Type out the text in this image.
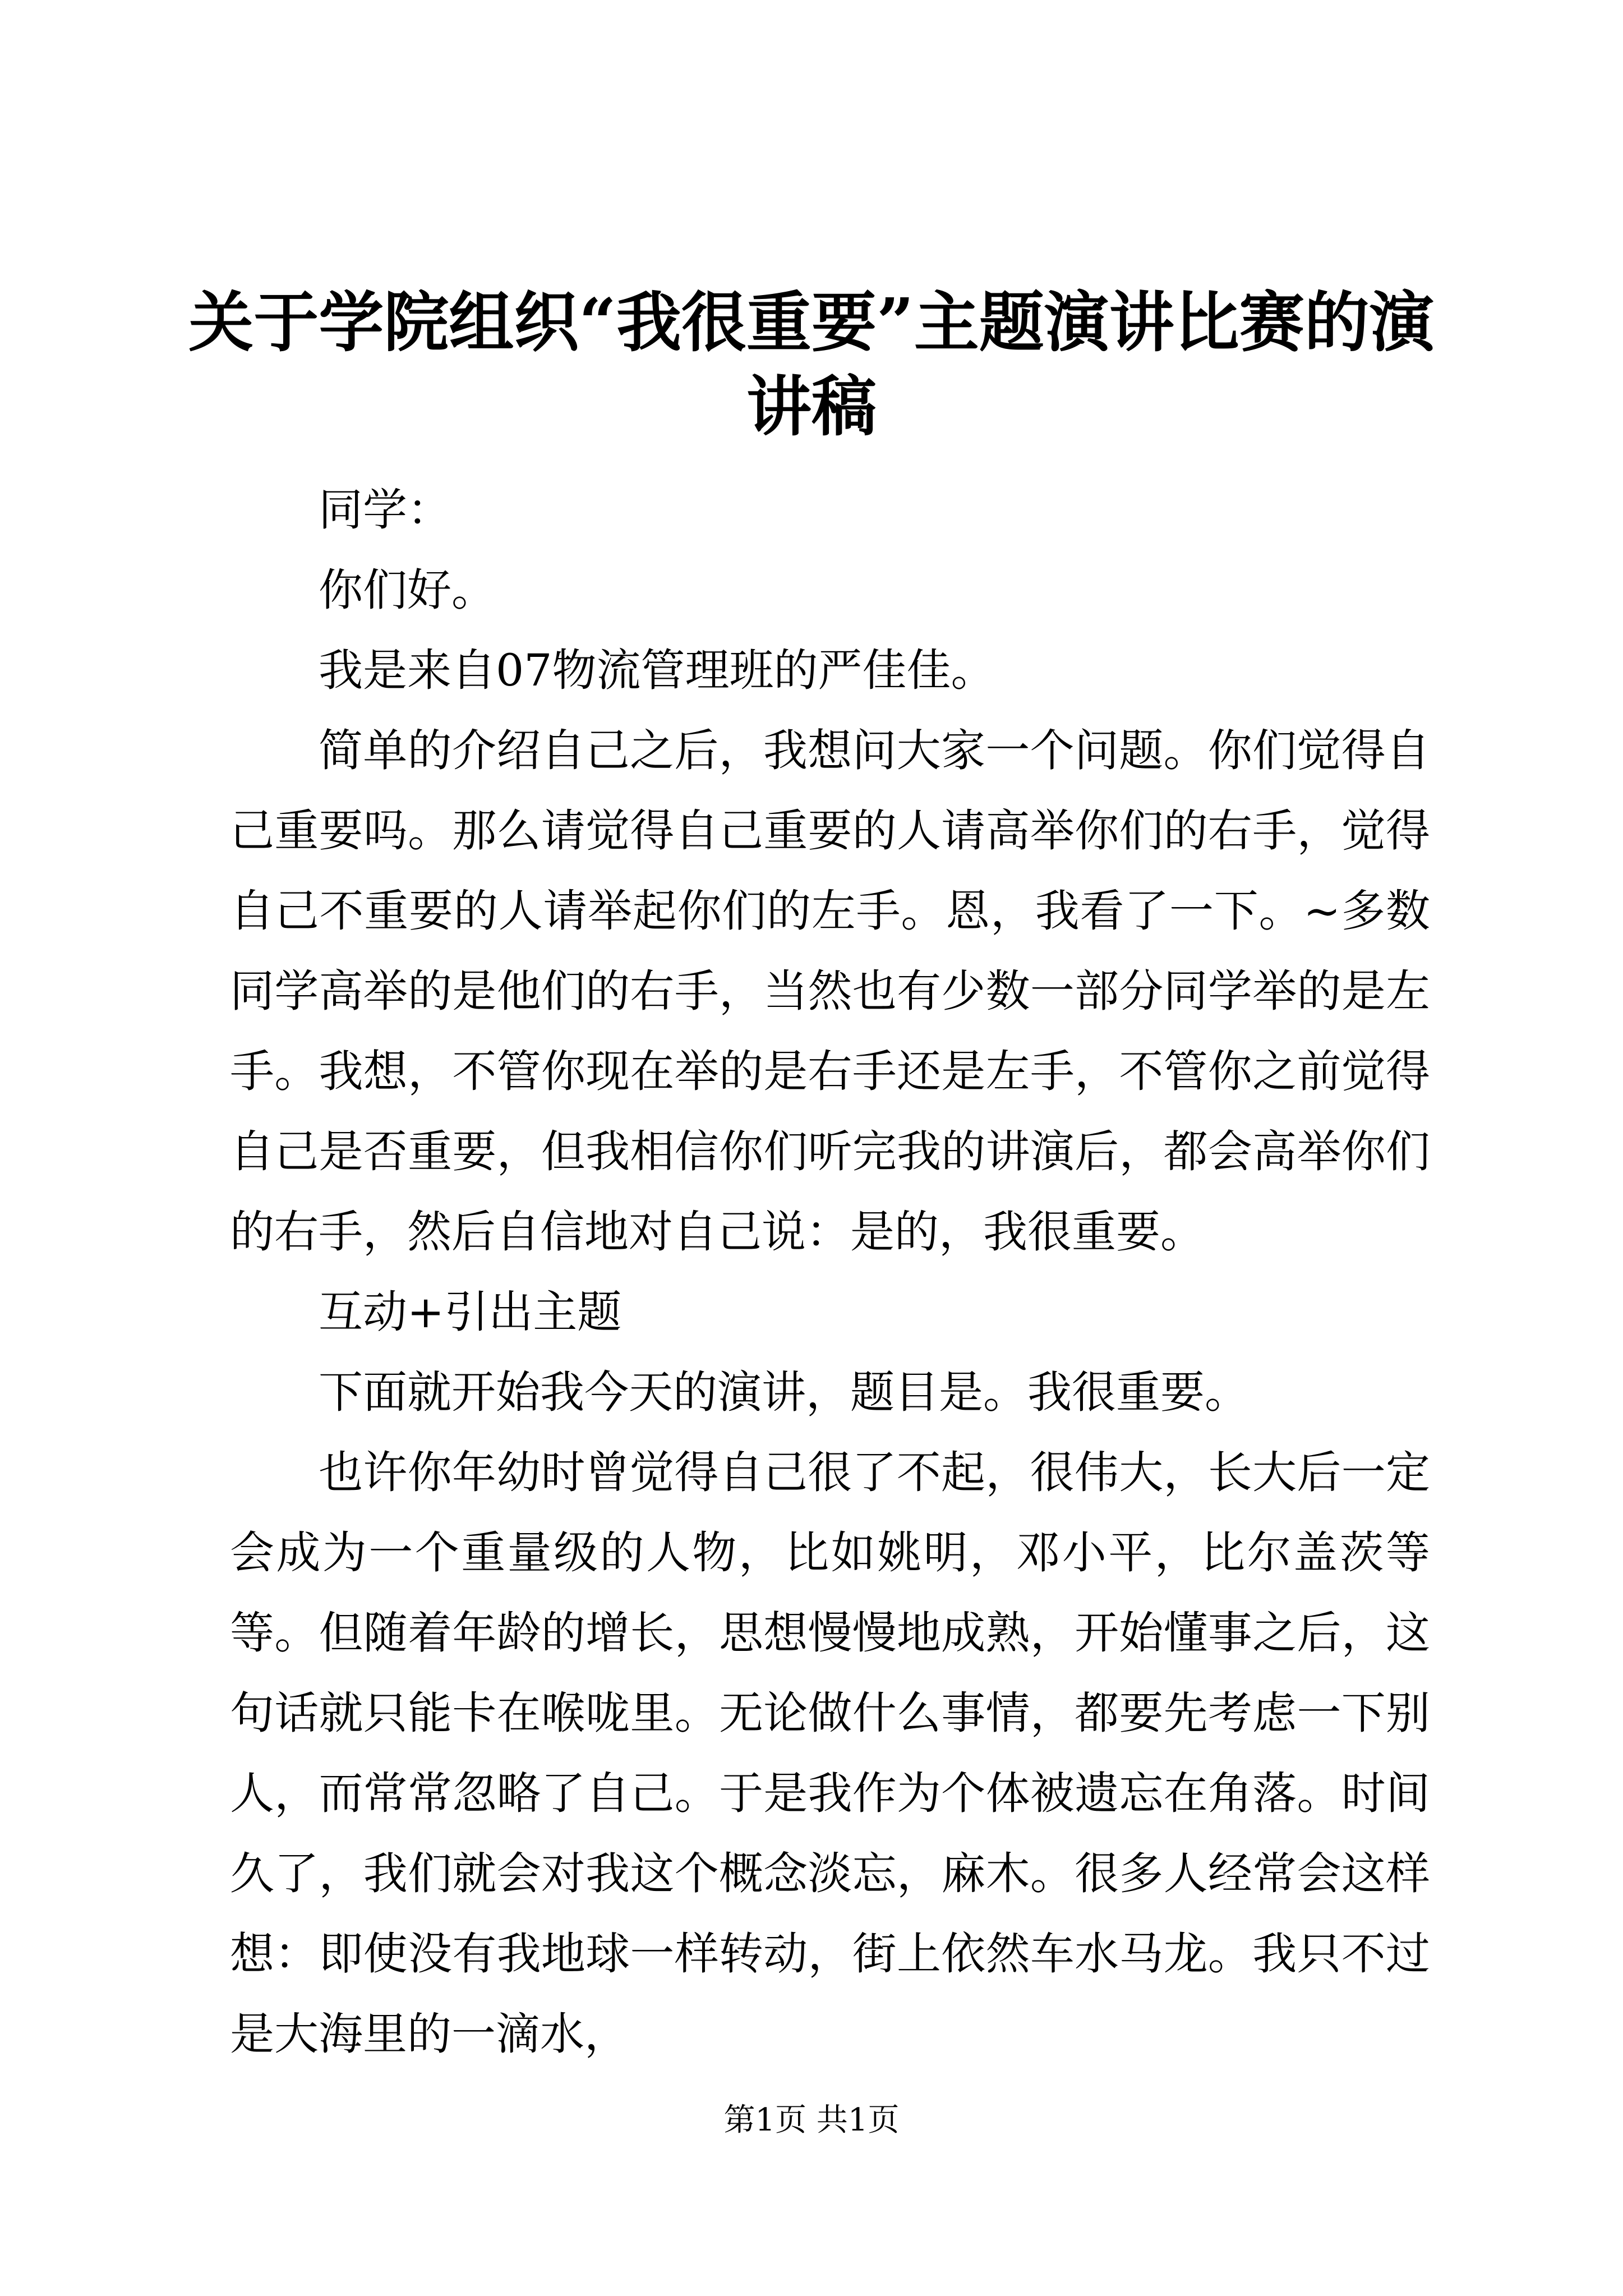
关于学院组织“我很重要”主题演讲比赛的演讲稿

同学：

你们好。

我是来自07物流管理班的严佳佳。

简单的介绍自己之后，我想问大家一个问题。你们觉得自己重要吗。那么请觉得自己重要的人请高举你们的右手，觉得自己不重要的人请举起你们的左手。恩，我看了一下。~多数同学高举的是他们的右手，当然也有少数一部分同学举的是左手。我想，不管你现在举的是右手还是左手，不管你之前觉得自己是否重要，但我相信你们听完我的讲演后，都会高举你们的右手，然后自信地对自己说：是的，我很重要。

互动+引出主题

下面就开始我今天的演讲，题目是。我很重要。

也许你年幼时曾觉得自己很了不起，很伟大，长大后一定会成为一个重量级的人物，比如姚明，邓小平，比尔盖茨等等。但随着年龄的增长，思想慢慢地成熟，开始懂事之后，这句话就只能卡在喉咙里。无论做什么事情，都要先考虑一下别人，而常常忽略了自己。于是我作为个体被遗忘在角落。时间久了，我们就会对我这个概念淡忘，麻木。很多人经常会这样想：即使没有我地球一样转动，街上依然车水马龙。我只不过是大海里的一滴水，

第1页 共1页
